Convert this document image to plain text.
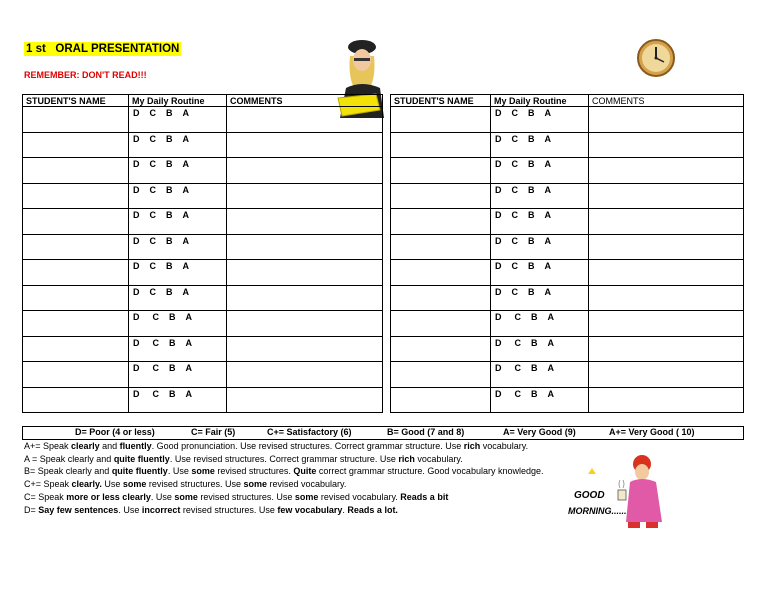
1 st   ORAL PRESENTATION
REMEMBER: DON'T READ!!!
STUDENT'S NAME	My Daily Routine	COMMENTS
	D C B A	
	D C B A	
	D C B A	
	D C B A	
	D C B A	
	D C B A	
	D C B A	
	D C B A	
	D C B A	
	D C B A	
	D C B A	
	D C B A	
STUDENT'S NAME	My Daily Routine	COMMENTS
	D C B A	
	D C B A	
	D C B A	
	D C B A	
	D C B A	
	D C B A	
	D C B A	
	D C B A	
	D C B A	
	D C B A	
	D C B A	
	D C B A	
D= Poor (4 or less)	C= Fair (5)	C+= Satisfactory (6)	B= Good (7 and 8)	A= Very Good (9)	A+= Very Good ( 10)
A+= Speak clearly and fluently. Good pronunciation. Use revised structures. Correct grammar structure. Use rich vocabulary.
A = Speak clearly and quite fluently. Use revised structures. Correct grammar structure. Use rich vocabulary.
B= Speak clearly and quite fluently. Use some revised structures. Quite correct grammar structure. Good vocabulary knowledge.
C+= Speak clearly. Use some revised structures. Use some revised vocabulary.
C= Speak more or less clearly. Use some revised structures. Use some revised vocabulary. Reads a bit
D= Say few sentences. Use incorrect revised structures. Use few vocabulary. Reads a lot.
GOOD
MORNING......
